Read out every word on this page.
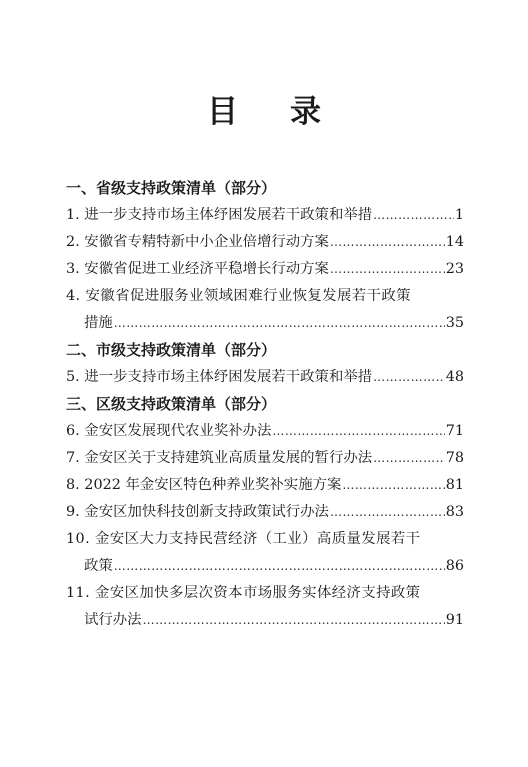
目录
一、省级支持政策清单（部分）
1. 进一步支持市场主体纾困发展若干政策和举措 …………………………………………………………………………………………………………………………………………	1
2. 安徽省专精特新中小企业倍增行动方案 …………………………………………………………………………………………………………………………………………	14
3. 安徽省促进工业经济平稳增长行动方案 …………………………………………………………………………………………………………………………………………	23
4. 安徽省促进服务业领域困难行业恢复发展若干政策
措施 …………………………………………………………………………………………………………………………………………	35
二、市级支持政策清单（部分）
5. 进一步支持市场主体纾困发展若干政策和举措 …………………………………………………………………………………………………………………………………………	48
三、区级支持政策清单（部分）
6. 金安区发展现代农业奖补办法 …………………………………………………………………………………………………………………………………………	71
7. 金安区关于支持建筑业高质量发展的暂行办法 …………………………………………………………………………………………………………………………………………	78
8. 2022 年金安区特色种养业奖补实施方案 …………………………………………………………………………………………………………………………………………	81
9. 金安区加快科技创新支持政策试行办法 …………………………………………………………………………………………………………………………………………	83
10. 金安区大力支持民营经济（工业）高质量发展若干
政策 …………………………………………………………………………………………………………………………………………	86
11. 金安区加快多层次资本市场服务实体经济支持政策
试行办法 …………………………………………………………………………………………………………………………………………	91
